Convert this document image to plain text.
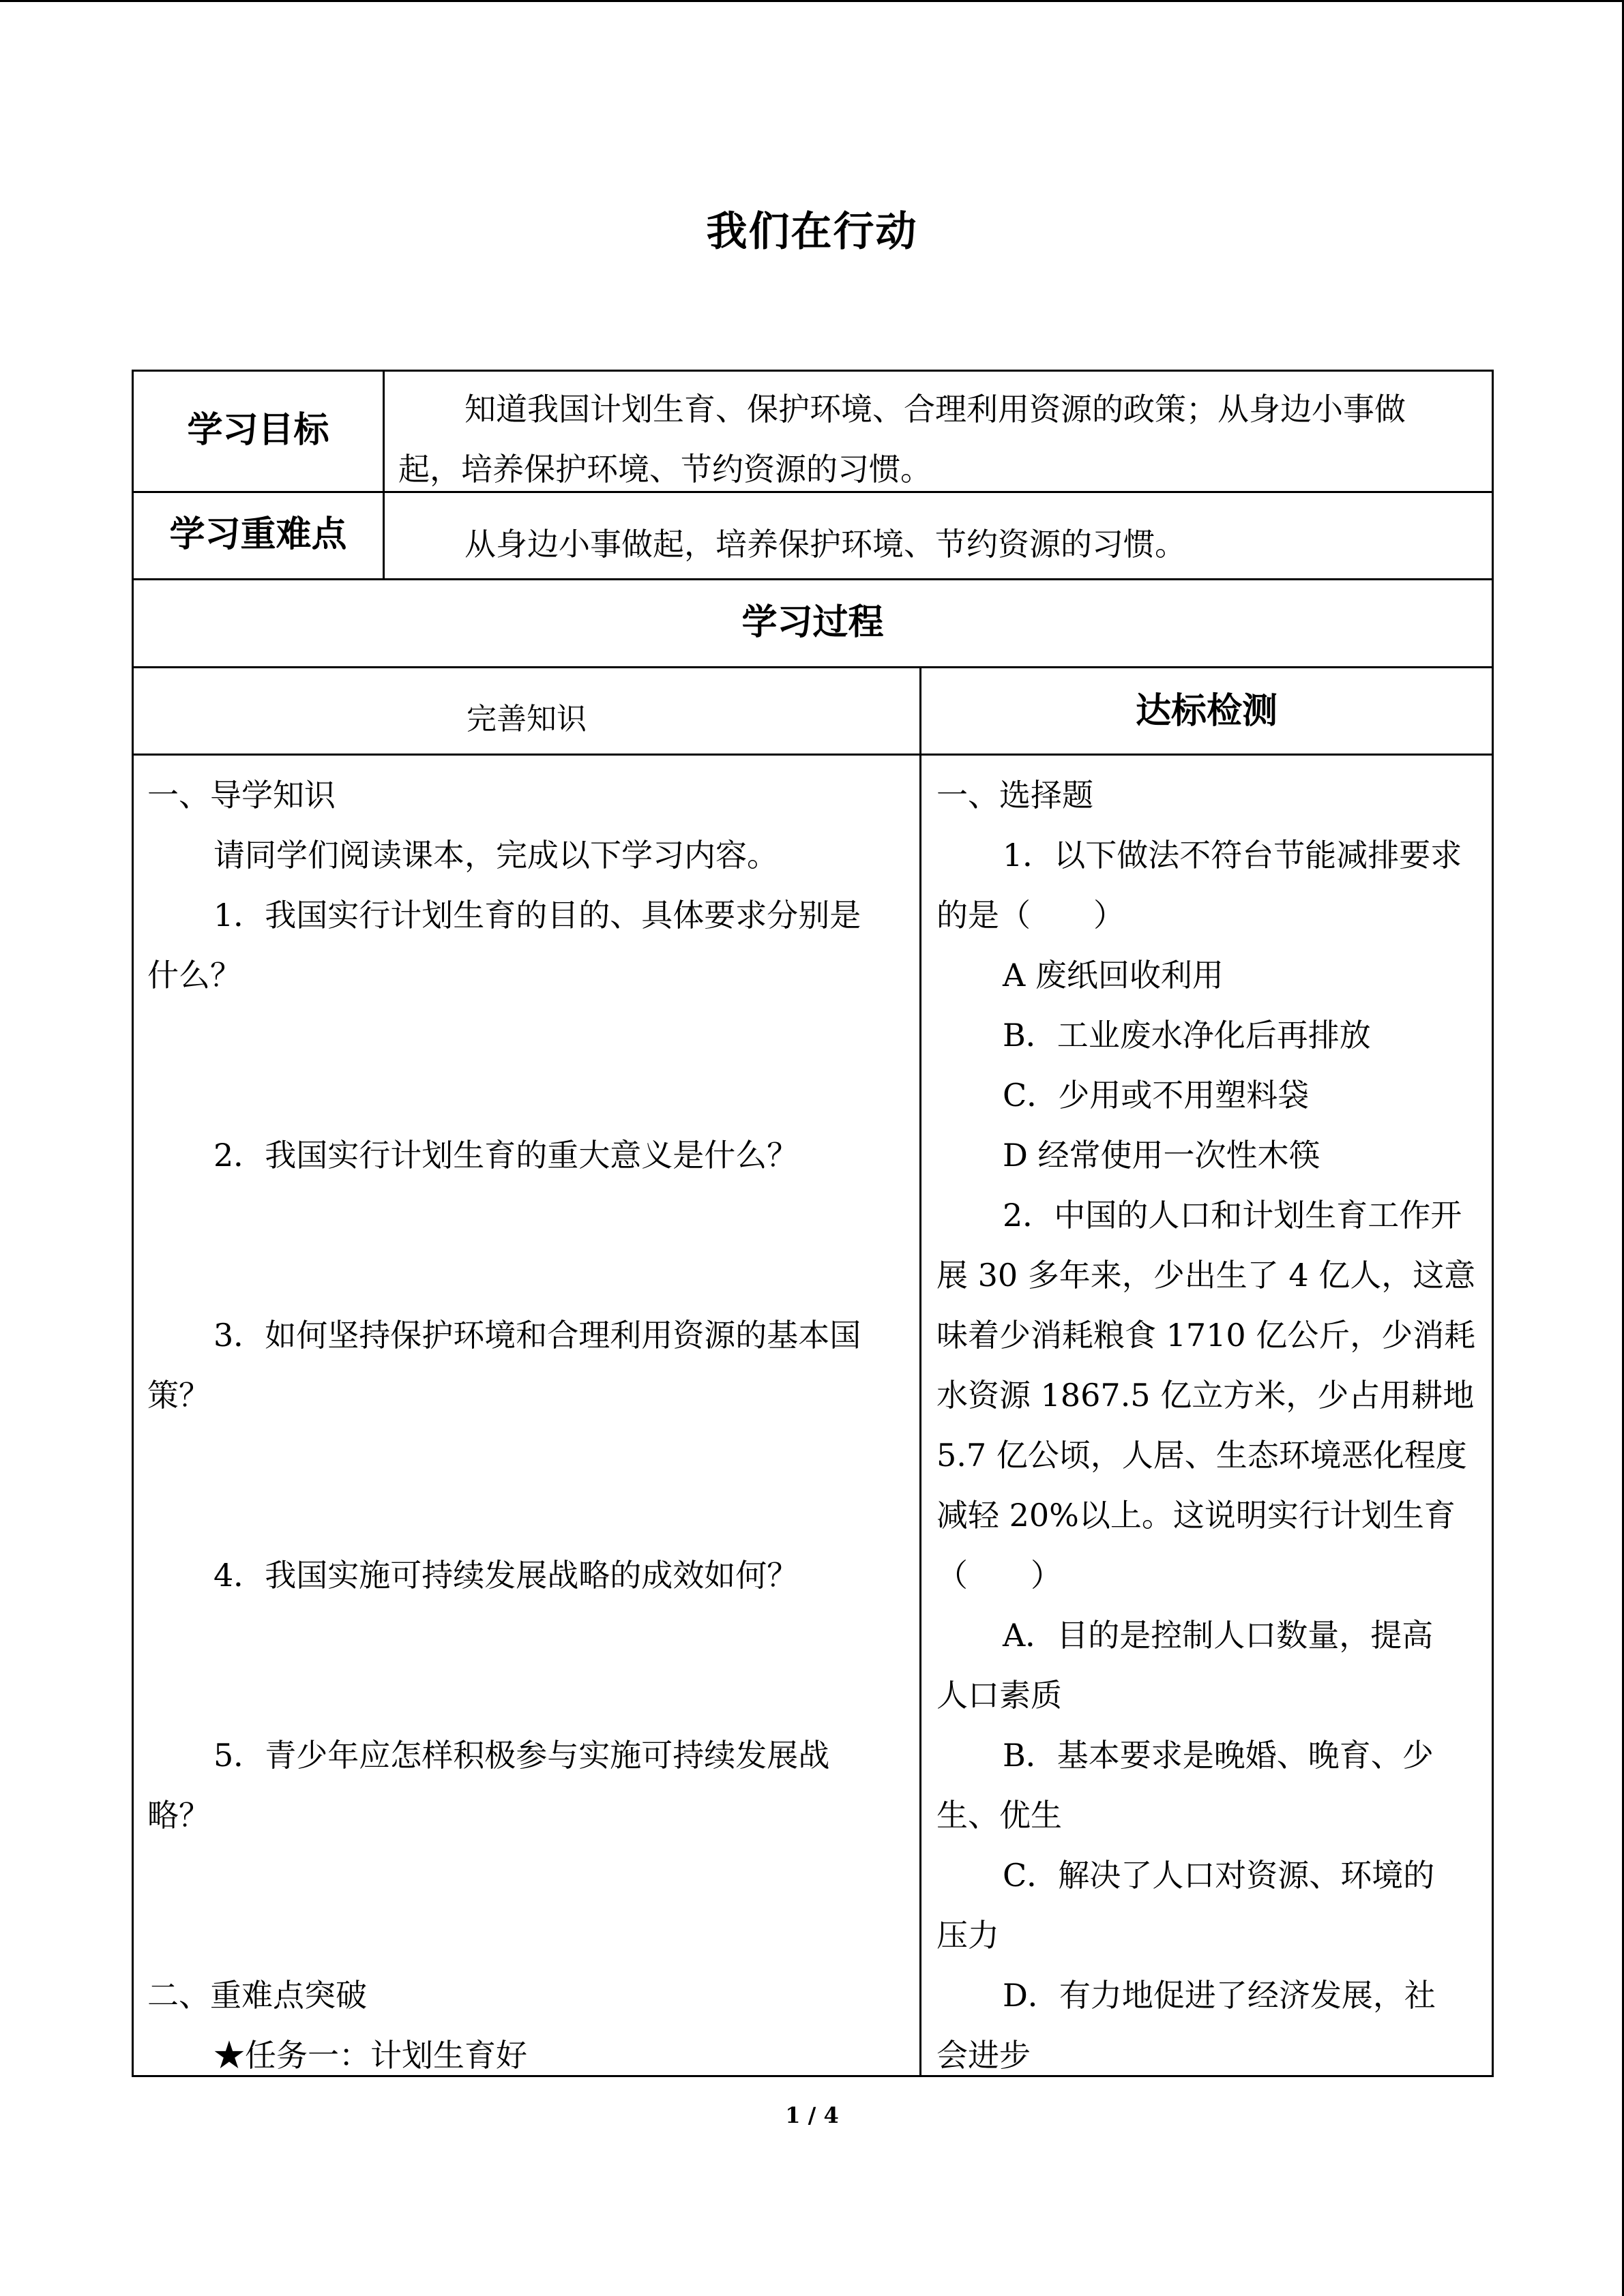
我们在行动
学习目标
知道我国计划生育、保护环境、合理利用资源的政策；从身边小事做
起，培养保护环境、节约资源的习惯。
学习重难点	从身边小事做起，培养保护环境、节约资源的习惯。
学习过程
完善知识	达标检测
一、导学知识
请同学们阅读课本，完成以下学习内容。
1．我国实行计划生育的目的、具体要求分别是
什么？
2．我国实行计划生育的重大意义是什么？
3．如何坚持保护环境和合理利用资源的基本国
策？
4．我国实施可持续发展战略的成效如何？
5．青少年应怎样积极参与实施可持续发展战
略？
二、重难点突破
★任务一：计划生育好
一、选择题
1．以下做法不符台节能减排要求
的是（　　）
A 废纸回收利用
B．工业废水净化后再排放
C．少用或不用塑料袋
D 经常使用一次性木筷
2．中国的人口和计划生育工作开
展 30 多年来，少出生了 4 亿人，这意
味着少消耗粮食 1710 亿公斤，少消耗
水资源 1867.5 亿立方米，少占用耕地
5.7 亿公顷，人居、生态环境恶化程度
减轻 20%以上。这说明实行计划生育
（　　）
A．目的是控制人口数量，提高
人口素质
B．基本要求是晚婚、晚育、少
生、优生
C．解决了人口对资源、环境的
压力
D．有力地促进了经济发展，社
会进步
1 / 4
